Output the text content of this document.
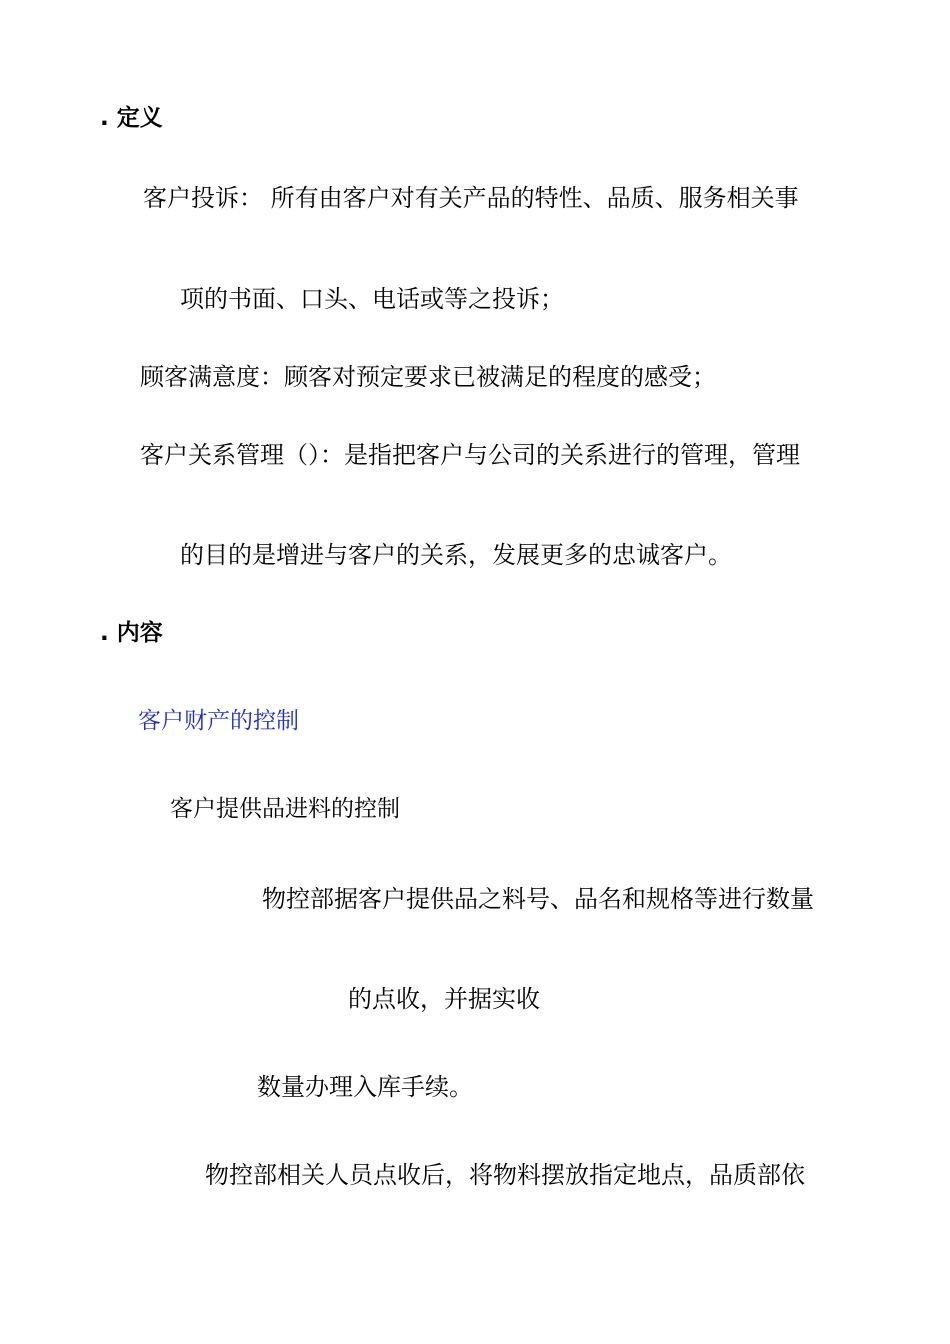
. 定义
客户投诉： 所有由客户对有关产品的特性、品质、服务相关事
项的书面、口头、电话或等之投诉；
顾客满意度：顾客对预定要求已被满足的程度的感受；
客户关系管理（）：是指把客户与公司的关系进行的管理，管理
的目的是增进与客户的关系，发展更多的忠诚客户。
. 内容
客户财产的控制
客户提供品进料的控制
物控部据客户提供品之料号、品名和规格等进行数量
的点收，并据实收
数量办理入库手续。
物控部相关人员点收后，将物料摆放指定地点，品质部依
